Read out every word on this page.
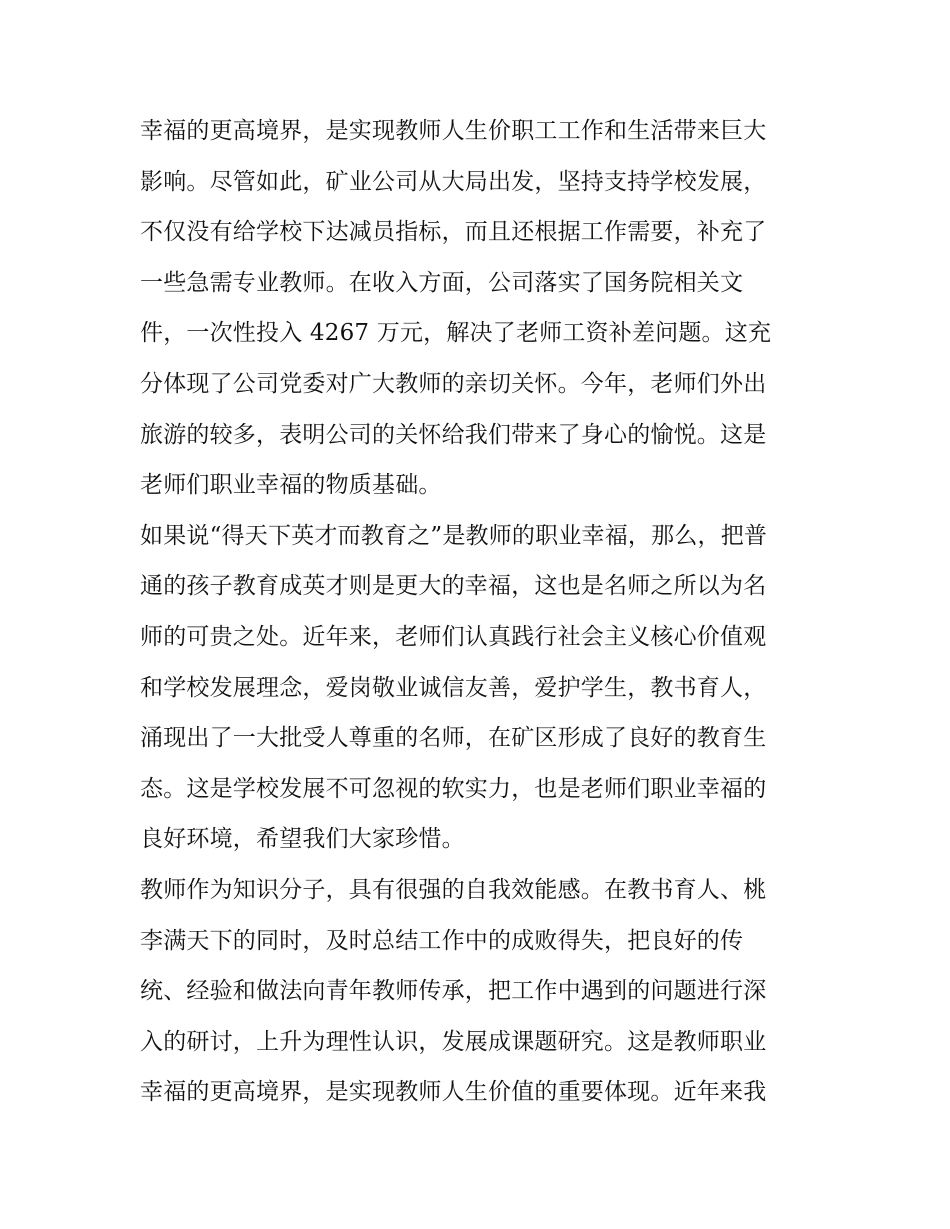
幸福的更高境界，是实现教师人生价职工工作和生活带来巨大
影响。尽管如此，矿业公司从大局出发，坚持支持学校发展，
不仅没有给学校下达减员指标，而且还根据工作需要，补充了
一些急需专业教师。在收入方面，公司落实了国务院相关文
件，一次性投入 4267 万元，解决了老师工资补差问题。这充
分体现了公司党委对广大教师的亲切关怀。今年，老师们外出
旅游的较多，表明公司的关怀给我们带来了身心的愉悦。这是
老师们职业幸福的物质基础。
如果说“得天下英才而教育之”是教师的职业幸福，那么，把普
通的孩子教育成英才则是更大的幸福，这也是名师之所以为名
师的可贵之处。近年来，老师们认真践行社会主义核心价值观
和学校发展理念，爱岗敬业诚信友善，爱护学生，教书育人，
涌现出了一大批受人尊重的名师，在矿区形成了良好的教育生
态。这是学校发展不可忽视的软实力，也是老师们职业幸福的
良好环境，希望我们大家珍惜。
教师作为知识分子，具有很强的自我效能感。在教书育人、桃
李满天下的同时，及时总结工作中的成败得失，把良好的传
统、经验和做法向青年教师传承，把工作中遇到的问题进行深
入的研讨，上升为理性认识，发展成课题研究。这是教师职业
幸福的更高境界，是实现教师人生价值的重要体现。近年来我
